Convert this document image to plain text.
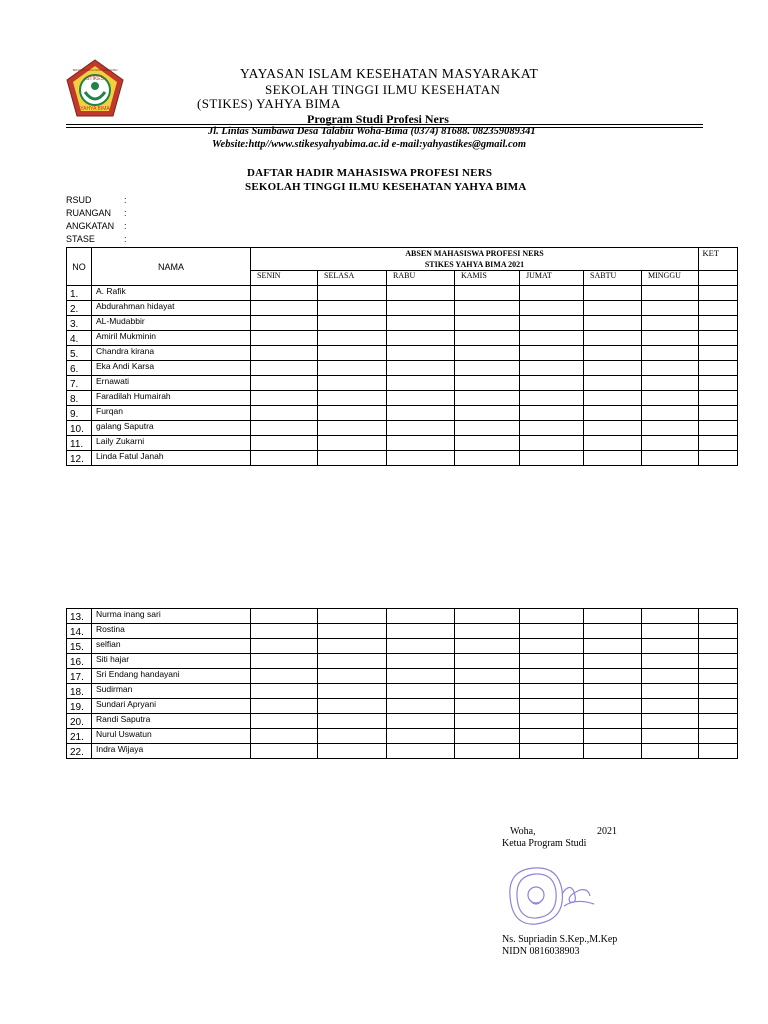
STIKES
YAHYA BIMA
SEKOLAH TINGGI ILMU KESEHATAN	YAYASAN ISLAM KESEHATAN MASYARAKAT
SEKOLAH TINGGI ILMU KESEHATAN
(STIKES) YAHYA BIMA
Program Studi Profesi Ners
Jl. Lintas Sumbawa Desa Talabiu Woha-Bima (0374) 81688. 082359089341
Website:http//www.stikesyahyabima.ac.id e-mail:yahyastikes@gmail.com
DAFTAR HADIR MAHASISWA PROFESI NERS
SEKOLAH TINGGI ILMU KESEHATAN YAHYA BIMA
RSUD	:
RUANGAN :
ANGKATAN :
STASE	:
NO	NAMA	ABSEN MAHASISWA PROFESI NERS
STIKES YAHYA BIMA 2021							KET
		SENIN	SELASA	RABU	KAMIS	JUMAT	SABTU	MINGGU	
1.	A. Rafik								
2.	Abdurahman hidayat								
3.	AL-Mudabbir								
4.	Amiril Mukminin								
5.	Chandra kirana								
6.	Eka Andi Karsa								
7.	Ernawati								
8.	Faradilah Humairah								
9.	Furqan								
10.	galang Saputra								
11.	Laily Zukarni								
12.	Linda Fatul Janah								
13.	Nurma inang sari								
14.	Rostina								
15.	selfian								
16.	Siti hajar								
17.	Sri Endang handayani								
18.	Sudirman								
19.	Sundari Apryani								
20.	Randi Saputra								
21.	Nurul Uswatun								
22.	Indra Wijaya								
Woha,	2021
Ketua Program Studi
Ns. Supriadin S.Kep.,M.Kep
NIDN 0816038903
